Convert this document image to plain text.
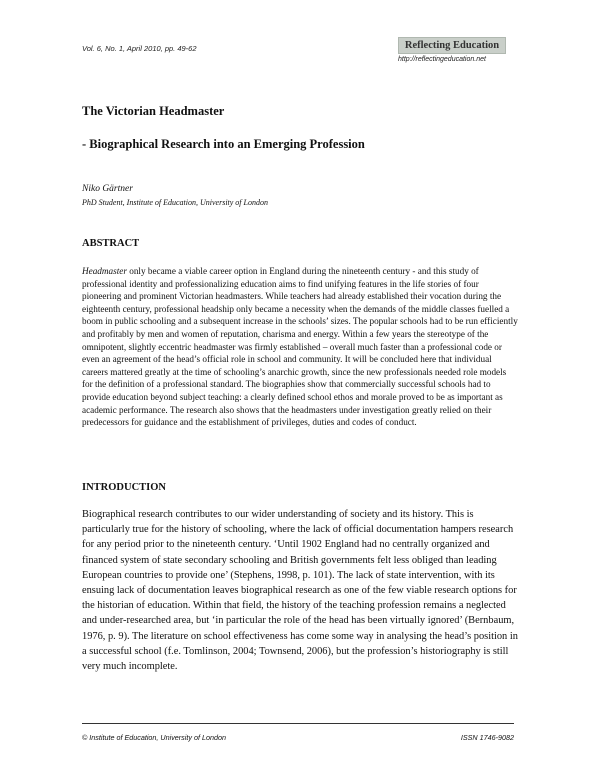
Vol. 6, No. 1, April 2010, pp. 49-62	Reflecting Education
http://reflectingeducation.net
The Victorian Headmaster
- Biographical Research into an Emerging Profession
Niko Gärtner
PhD Student, Institute of Education, University of London
ABSTRACT

Headmaster only became a viable career option in England during the nineteenth century - and this study of professional identity and professionalizing education aims to find unifying features in the life stories of four pioneering and prominent Victorian headmasters. While teachers had already established their vocation during the eighteenth century, professional headship only became a necessity when the demands of the middle classes fuelled a boom in public schooling and a subsequent increase in the schools’ sizes. The popular schools had to be run efficiently and profitably by men and women of reputation, charisma and energy. Within a few years the stereotype of the omnipotent, slightly eccentric headmaster was firmly established – overall much faster than a professional code or even an agreement of the head’s official role in school and community. It will be concluded here that individual careers mattered greatly at the time of schooling’s anarchic growth, since the new professionals needed role models for the definition of a professional standard. The biographies show that commercially successful schools had to provide education beyond subject teaching: a clearly defined school ethos and morale proved to be as important as academic performance. The research also shows that the headmasters under investigation greatly relied on their predecessors for guidance and the establishment of privileges, duties and codes of conduct.

INTRODUCTION

Biographical research contributes to our wider understanding of society and its history. This is particularly true for the history of schooling, where the lack of official documentation hampers research for any period prior to the nineteenth century. ‘Until 1902 England had no centrally organized and financed system of state secondary schooling and British governments felt less obliged than leading European countries to provide one’ (Stephens, 1998, p. 101). The lack of state intervention, with its ensuing lack of documentation leaves biographical research as one of the few viable research options for the historian of education. Within that field, the history of the teaching profession remains a neglected and under-researched area, but ‘in particular the role of the head has been virtually ignored’ (Bernbaum, 1976, p. 9). The literature on school effectiveness has come some way in analysing the head’s position in a successful school (f.e. Tomlinson, 2004; Townsend, 2006), but the profession’s historiography is still very much incomplete.

© Institute of Education, University of London	ISSN 1746-9082
